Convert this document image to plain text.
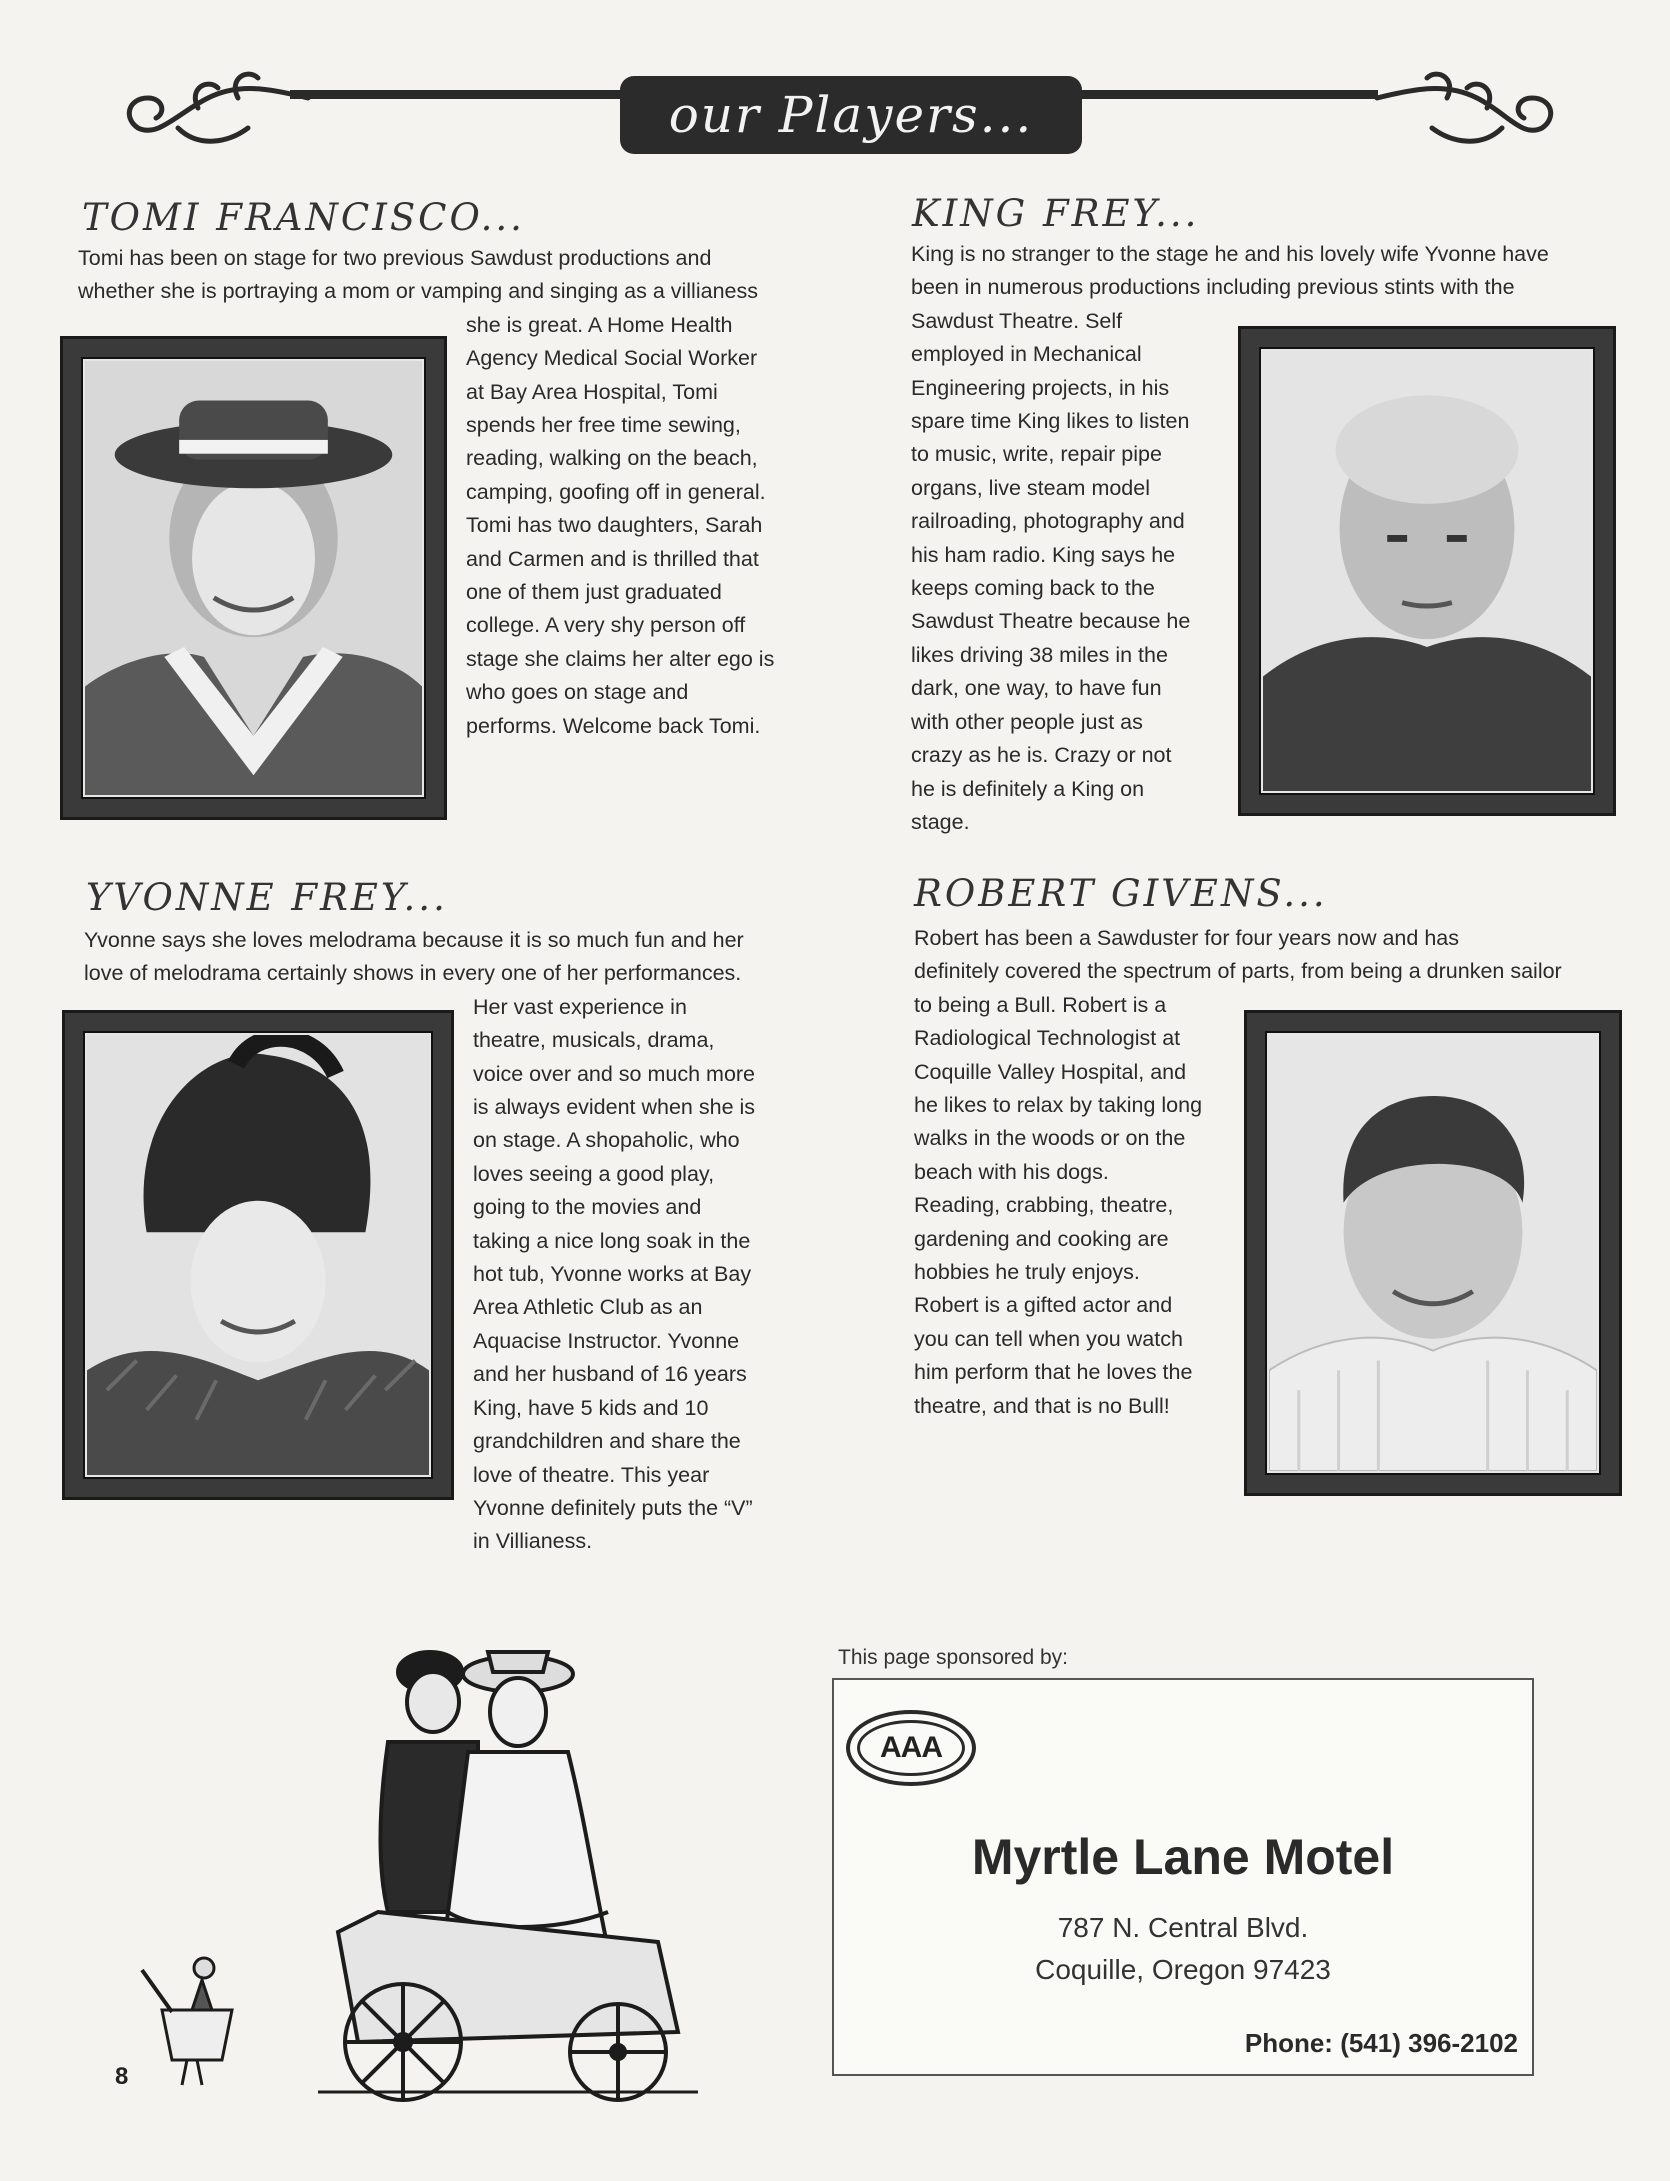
our Players...
TOMI FRANCISCO...
Tomi has been on stage for two previous Sawdust productions and
whether she is portraying a mom or vamping and singing as a villianess
she is great. A Home Health
Agency Medical Social Worker
at Bay Area Hospital, Tomi
spends her free time sewing,
reading, walking on the beach,
camping, goofing off in general.
Tomi has two daughters, Sarah
and Carmen and is thrilled that
one of them just graduated
college. A very shy person off
stage she claims her alter ego is
who goes on stage and
performs. Welcome back Tomi.
KING FREY...
King is no stranger to the stage he and his lovely wife Yvonne have
been in numerous productions including previous stints with the
Sawdust Theatre. Self
employed in Mechanical
Engineering projects, in his
spare time King likes to listen
to music, write, repair pipe
organs, live steam model
railroading, photography and
his ham radio. King says he
keeps coming back to the
Sawdust Theatre because he
likes driving 38 miles in the
dark, one way, to have fun
with other people just as
crazy as he is. Crazy or not
he is definitely a King on
stage.
YVONNE FREY...
Yvonne says she loves melodrama because it is so much fun and her
love of melodrama certainly shows in every one of her performances.
Her vast experience in
theatre, musicals, drama,
voice over and so much more
is always evident when she is
on stage. A shopaholic, who
loves seeing a good play,
going to the movies and
taking a nice long soak in the
hot tub, Yvonne works at Bay
Area Athletic Club as an
Aquacise Instructor. Yvonne
and her husband of 16 years
King, have 5 kids and 10
grandchildren and share the
love of theatre. This year
Yvonne definitely puts the “V”
in Villianess.
ROBERT GIVENS...
Robert has been a Sawduster for four years now and has
definitely covered the spectrum of parts, from being a drunken sailor
to being a Bull. Robert is a
Radiological Technologist at
Coquille Valley Hospital, and
he likes to relax by taking long
walks in the woods or on the
beach with his dogs.
Reading, crabbing, theatre,
gardening and cooking are
hobbies he truly enjoys.
Robert is a gifted actor and
you can tell when you watch
him perform that he loves the
theatre, and that is no Bull!
8
This page sponsored by:
AAA
Myrtle Lane Motel
787 N. Central Blvd.
Coquille, Oregon 97423
Phone: (541) 396-2102
